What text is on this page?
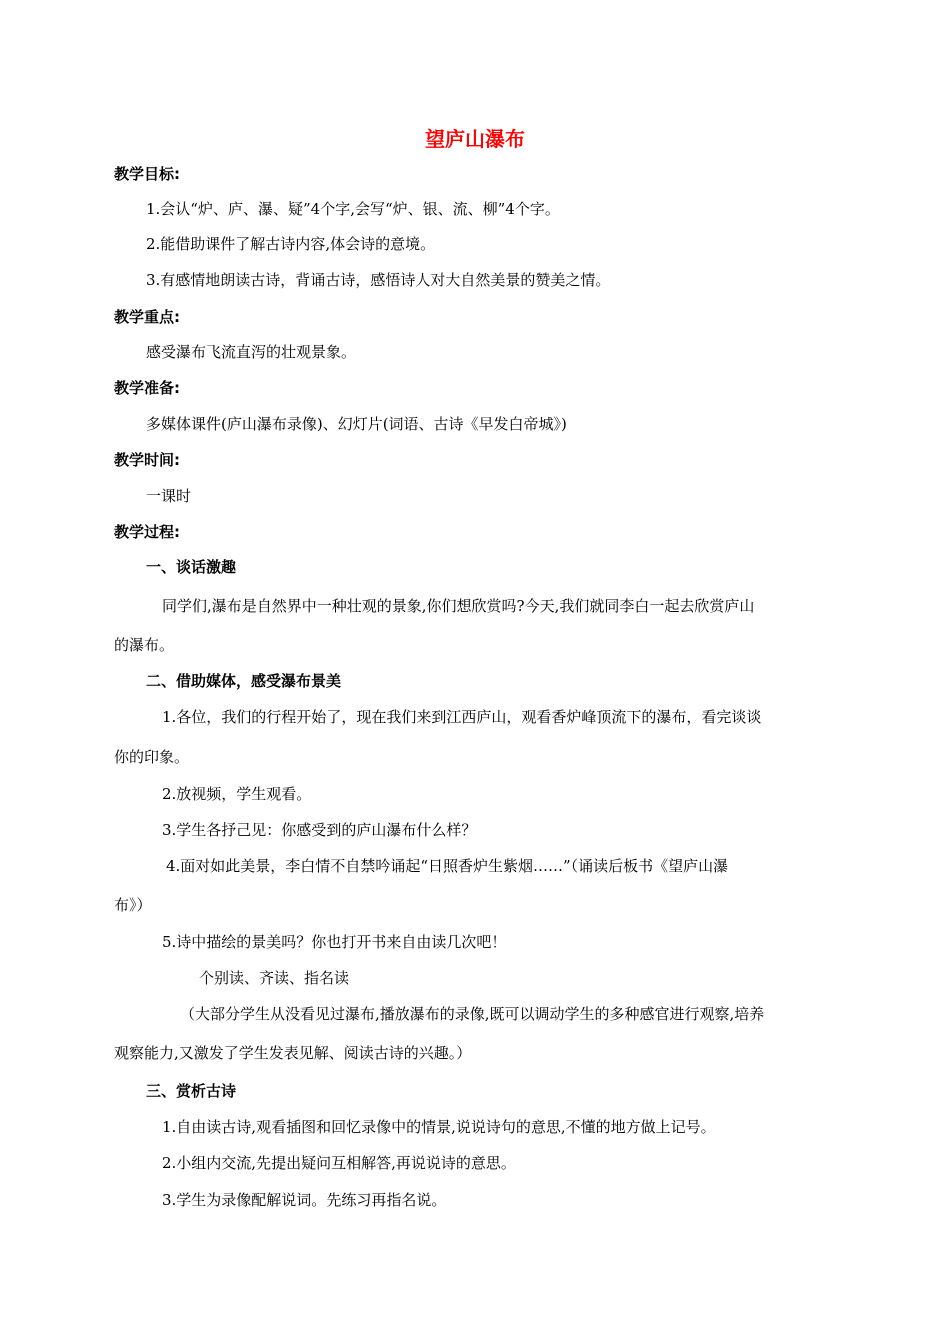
望庐山瀑布
教学目标:
1.会认“炉、庐、瀑、疑”4个字,会写“炉、银、流、柳”4个字。
2.能借助课件了解古诗内容,体会诗的意境。
3.有感情地朗读古诗，背诵古诗，感悟诗人对大自然美景的赞美之情。
教学重点:
感受瀑布飞流直泻的壮观景象。
教学准备:
多媒体课件(庐山瀑布录像)、幻灯片(词语、古诗《早发白帝城》)
教学时间:
一课时
教学过程:
一、谈话激趣
同学们,瀑布是自然界中一种壮观的景象,你们想欣赏吗?今天,我们就同李白一起去欣赏庐山
的瀑布。
二、借助媒体，感受瀑布景美
1.各位，我们的行程开始了，现在我们来到江西庐山，观看香炉峰顶流下的瀑布，看完谈谈
你的印象。
2.放视频，学生观看。
3.学生各抒己见：你感受到的庐山瀑布什么样？
4.面对如此美景，李白情不自禁吟诵起“日照香炉生紫烟……”（诵读后板书《望庐山瀑
布》）
5.诗中描绘的景美吗？你也打开书来自由读几次吧！
个别读、齐读、指名读
（大部分学生从没看见过瀑布,播放瀑布的录像,既可以调动学生的多种感官进行观察,培养
观察能力,又激发了学生发表见解、阅读古诗的兴趣。）
三、赏析古诗
1.自由读古诗,观看插图和回忆录像中的情景,说说诗句的意思,不懂的地方做上记号。
2.小组内交流,先提出疑问互相解答,再说说诗的意思。
3.学生为录像配解说词。先练习再指名说。
